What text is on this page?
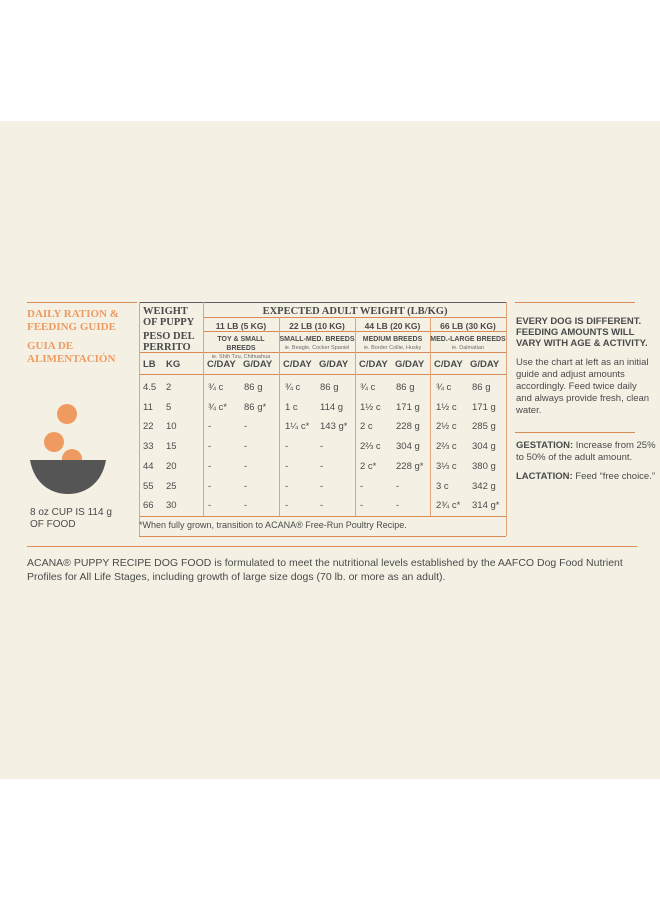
DAILY RATION & FEEDING GUIDE
GUIA DE ALIMENTACIÓN
8 oz CUP IS 114 g OF FOOD
WEIGHT OF PUPPY
PESO DEL PERRITO
EXPECTED ADULT WEIGHT (LB/KG)
11 LB (5 KG)	22 LB (10 KG)	44 LB (20 KG)	66 LB (30 KG)
TOY & SMALL BREEDS
ie. Shih Tzu, Chihuahua
SMALL-MED. BREEDS
ie. Beagle, Cocker Spaniel
MEDIUM BREEDS
ie. Border Collie, Husky
MED.-LARGE BREEDS
ie. Dalmatian
LB KG	C/DAY G/DAY C/DAY G/DAY C/DAY G/DAY C/DAY G/DAY
4.5 2	¾ c 86 g ¾ c 86 g ¾ c 86 g ¾ c 86 g
11 5	¾ c* 86 g* 1 c 114 g 1½ c 171 g 1½ c 171 g
22 10	-	-	1¼ c* 143 g* 2 c 228 g 2½ c 285 g
33 15	-	-	-	-	2⅔ c 304 g 2⅔ c 304 g
44 20	-	-	-	-	2 c* 228 g* 3⅓ c 380 g
55 25	-	-	-	-	-	-	3 c 342 g
66 30	-	-	-	-	-	-	2¾ c* 314 g*
*When fully grown, transition to ACANA® Free-Run Poultry Recipe.
EVERY DOG IS DIFFERENT. FEEDING AMOUNTS WILL VARY WITH AGE & ACTIVITY.
Use the chart at left as an initial guide and adjust amounts accordingly. Feed twice daily and always provide fresh, clean water.
GESTATION: Increase from 25% to 50% of the adult amount.
LACTATION: Feed “free choice.”
ACANA® PUPPY RECIPE DOG FOOD is formulated to meet the nutritional levels established by the AAFCO Dog Food Nutrient Profiles for All Life Stages, including growth of large size dogs (70 lb. or more as an adult).
